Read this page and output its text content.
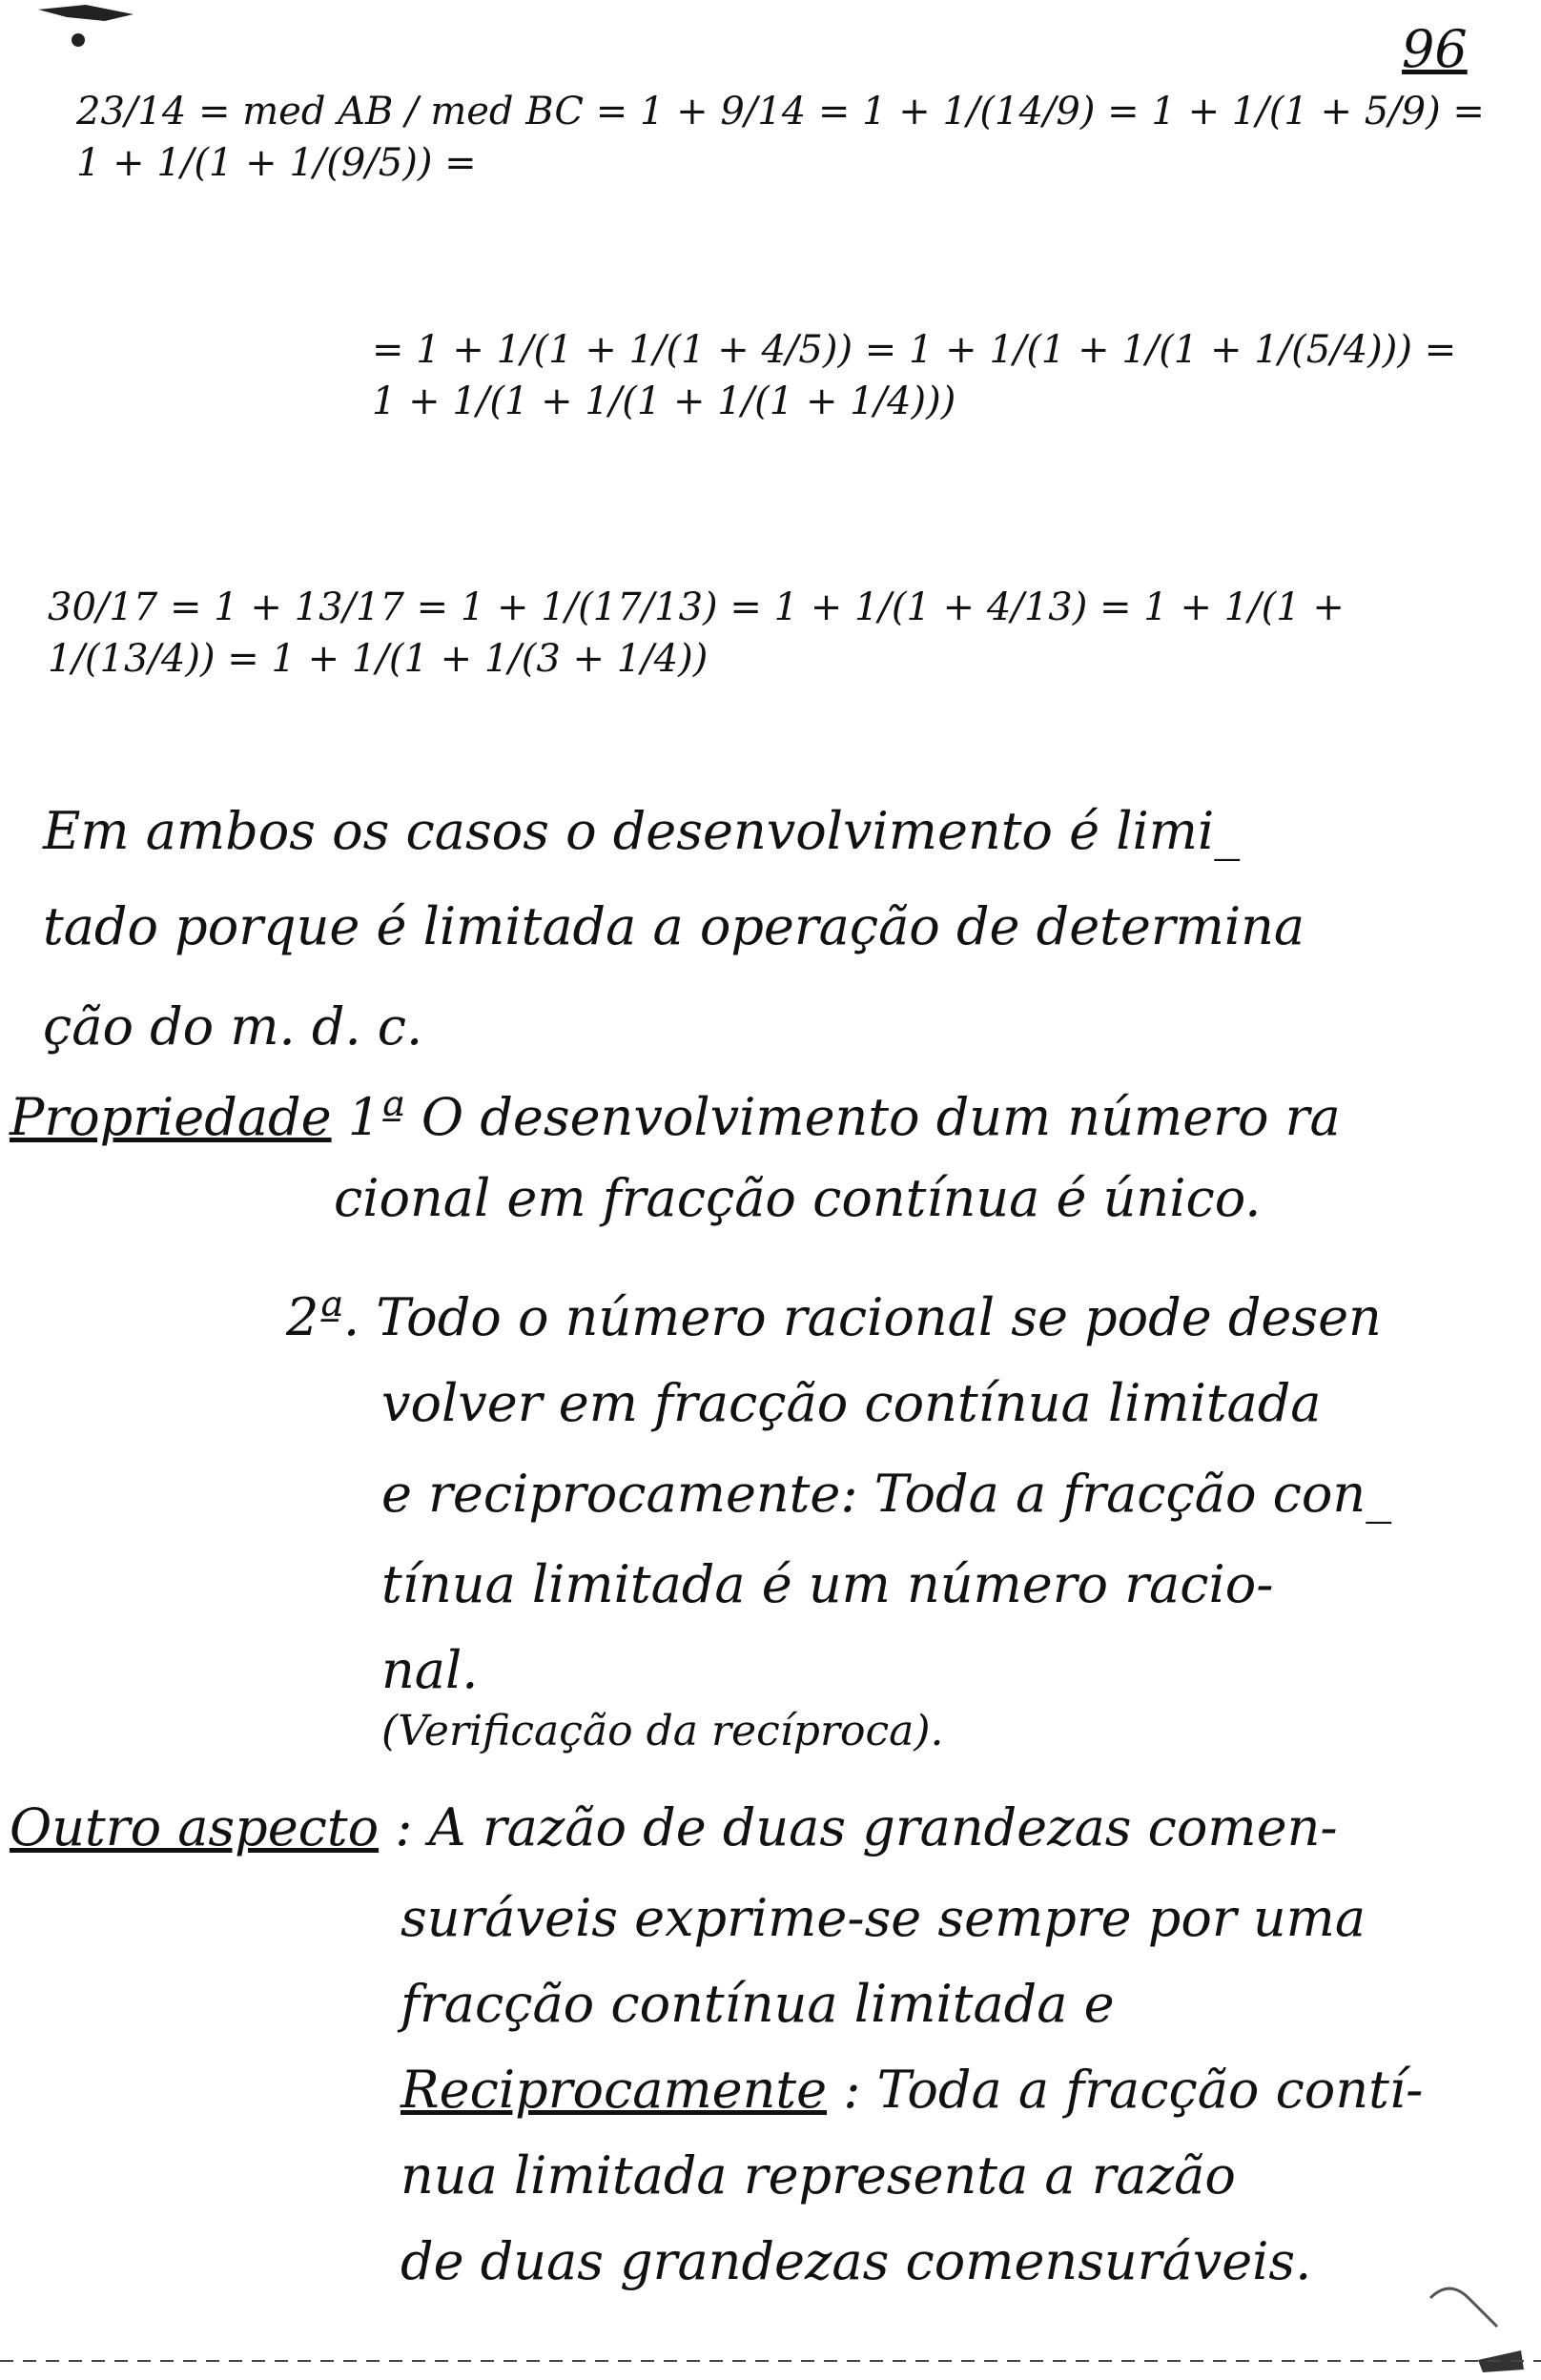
96
23/14 = med AB / med BC = 1 + 9/14 = 1 + 1/(14/9) = 1 + 1/(1 + 5/9) = 1 + 1/(1 + 1/(9/5)) =
= 1 + 1/(1 + 1/(1 + 4/5)) = 1 + 1/(1 + 1/(1 + 1/(5/4))) = 1 + 1/(1 + 1/(1 + 1/(1 + 1/4)))
30/17 = 1 + 13/17 = 1 + 1/(17/13) = 1 + 1/(1 + 4/13) = 1 + 1/(1 + 1/(13/4)) = 1 + 1/(1 + 1/(3 + 1/4))
Em ambos os casos o desenvolvimento é limi_
tado porque é limitada a operação de determina
ção do m. d. c.
Propriedade 1ª O desenvolvimento dum número ra
cional em fracção contínua é único.
2ª. Todo o número racional se pode desen
volver em fracção contínua limitada
e reciprocamente: Toda a fracção con_
tínua limitada é um número racio-
nal.
(Verificação da recíproca).
Outro aspecto : A razão de duas grandezas comen-
suráveis exprime-se sempre por uma
fracção contínua limitada e
Reciprocamente : Toda a fracção contí-
nua limitada representa a razão
de duas grandezas comensuráveis.
